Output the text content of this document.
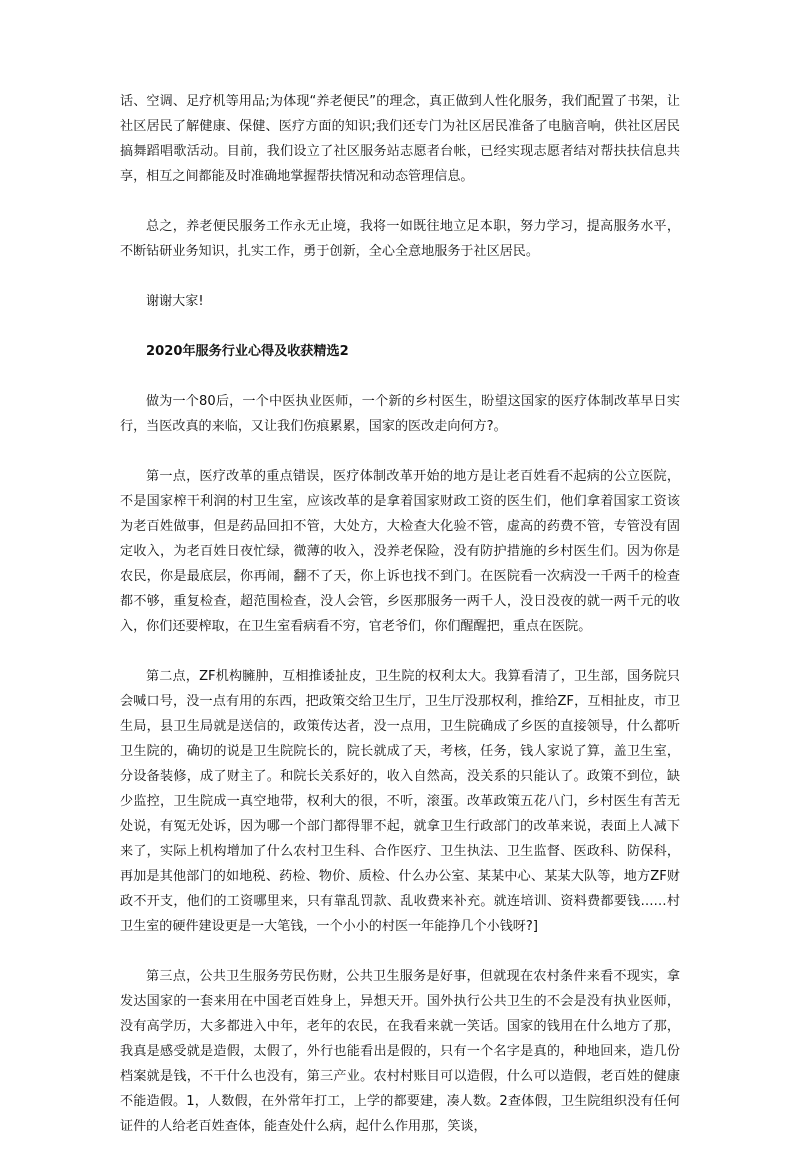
话、空调、足疗机等用品;为体现“养老便民”的理念，真正做到人性化服务，我们配置了书架，让社区居民了解健康、保健、医疗方面的知识;我们还专门为社区居民准备了电脑音响，供社区居民搞舞蹈唱歌活动。目前，我们设立了社区服务站志愿者台帐，已经实现志愿者结对帮扶扶信息共享，相互之间都能及时准确地掌握帮扶情况和动态管理信息。

总之，养老便民服务工作永无止境，我将一如既往地立足本职，努力学习，提高服务水平，不断钻研业务知识，扎实工作，勇于创新，全心全意地服务于社区居民。

谢谢大家!

2020年服务行业心得及收获精选2

做为一个80后，一个中医执业医师，一个新的乡村医生，盼望这国家的医疗体制改革早日实行，当医改真的来临，又让我们伤痕累累，国家的医改走向何方?。

第一点，医疗改革的重点错误，医疗体制改革开始的地方是让老百姓看不起病的公立医院，不是国家榨干利润的村卫生室，应该改革的是拿着国家财政工资的医生们，他们拿着国家工资该为老百姓做事，但是药品回扣不管，大处方，大检查大化验不管，虚高的药费不管，专管没有固定收入，为老百姓日夜忙绿，微薄的收入，没养老保险，没有防护措施的乡村医生们。因为你是农民，你是最底层，你再闹，翻不了天，你上诉也找不到门。在医院看一次病没一千两千的检查都不够，重复检查，超范围检查，没人会管，乡医那服务一两千人，没日没夜的就一两千元的收入，你们还要榨取，在卫生室看病看不穷，官老爷们，你们醒醒把，重点在医院。

第二点，ZF机构臃肿，互相推诿扯皮，卫生院的权利太大。我算看清了，卫生部，国务院只会喊口号，没一点有用的东西，把政策交给卫生厅，卫生厅没那权利，推给ZF，互相扯皮，市卫生局，县卫生局就是送信的，政策传达者，没一点用，卫生院确成了乡医的直接领导，什么都听卫生院的，确切的说是卫生院院长的，院长就成了天，考核，任务，钱人家说了算，盖卫生室，分设备装修，成了财主了。和院长关系好的，收入自然高，没关系的只能认了。政策不到位，缺少监控，卫生院成一真空地带，权利大的很，不听，滚蛋。改革政策五花八门，乡村医生有苦无处说，有冤无处诉，因为哪一个部门都得罪不起，就拿卫生行政部门的改革来说，表面上人减下来了，实际上机构增加了什么农村卫生科、合作医疗、卫生执法、卫生监督、医政科、防保科，再加是其他部门的如地税、药检、物价、质检、什么办公室、某某中心、某某大队等，地方ZF财政不开支，他们的工资哪里来，只有靠乱罚款、乱收费来补充。就连培训、资料费都要钱……村卫生室的硬件建设更是一大笔钱，一个小小的村医一年能挣几个小钱呀?]

第三点，公共卫生服务劳民伤财，公共卫生服务是好事，但就现在农村条件来看不现实，拿发达国家的一套来用在中国老百姓身上，异想天开。国外执行公共卫生的不会是没有执业医师，没有高学历，大多都进入中年，老年的农民，在我看来就一笑话。国家的钱用在什么地方了那，我真是感受就是造假，太假了，外行也能看出是假的，只有一个名字是真的，种地回来，造几份档案就是钱，不干什么也没有，第三产业。农村村账目可以造假，什么可以造假，老百姓的健康不能造假。1，人数假，在外常年打工，上学的都要建，凑人数。2查体假，卫生院组织没有任何证件的人给老百姓查体，能查处什么病，起什么作用那，笑谈，
